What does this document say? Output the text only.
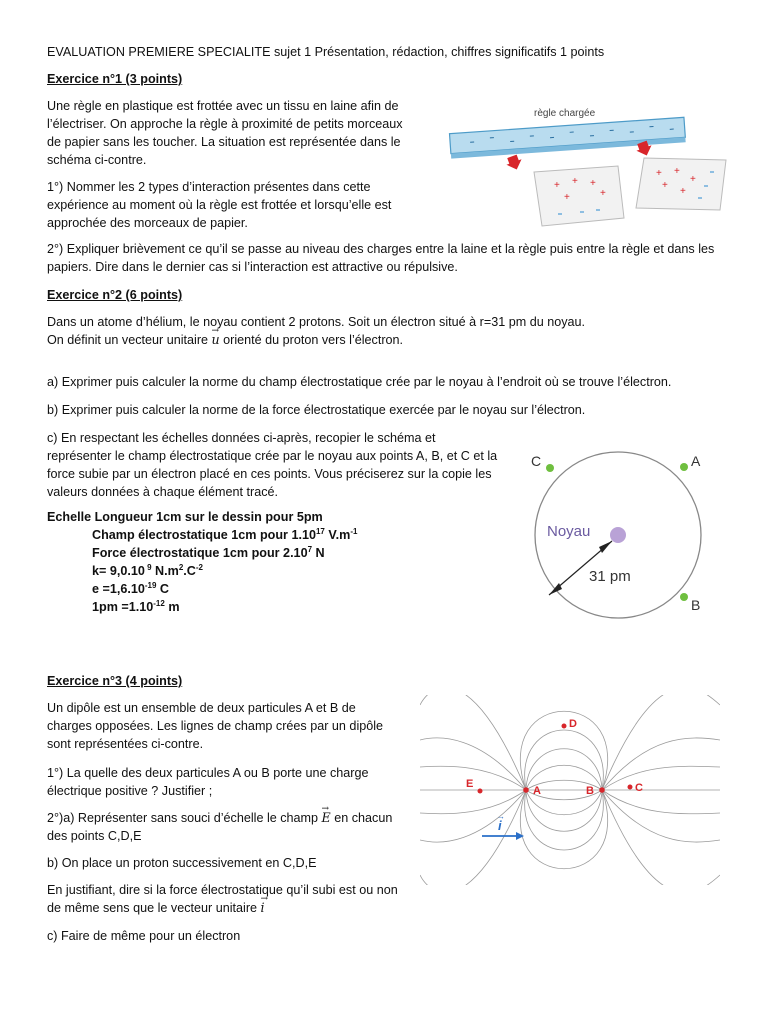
EVALUATION PREMIERE SPECIALITE sujet 1 Présentation, rédaction, chiffres significatifs 1 points
Exercice n°1 (3 points)
Une règle en plastique est frottée avec un tissu en laine afin de l’électriser. On approche la règle à proximité de petits morceaux de papier sans les toucher. La situation est représentée dans le schéma ci-contre.
1°) Nommer les 2 types d’interaction présentes dans cette expérience au moment où la règle est frottée et lorsqu’elle est approchée des morceaux de papier.
2°) Expliquer brièvement ce qu’il se passe au niveau des charges entre la laine et la règle puis entre la règle et dans les papiers. Dire dans le dernier cas si l’interaction est attractive ou répulsive.
règle chargée
+ + +
+	+
+ +
+
+
+
Exercice n°2 (6 points)
Dans un atome d’hélium, le noyau contient 2 protons. Soit un électron situé à r=31 pm du noyau.
On définit un vecteur unitaire → u orienté du proton vers l’électron.
a) Exprimer puis calculer la norme du champ électrostatique crée par le noyau à l’endroit où se trouve l’électron.
b) Exprimer puis calculer la norme de la force électrostatique exercée par le noyau sur l’électron.
c) En respectant les échelles données ci-après, recopier le schéma et représenter le champ électrostatique crée par le noyau aux points A, B, et C et la force subie par un électron placé en ces points. Vous préciserez sur la copie les valeurs données à chaque élément tracé.
Echelle Longueur 1cm sur le dessin pour 5pm
Champ électrostatique 1cm pour 1.10$^{17}$ $V.m^{-1}$
Force électrostatique 1cm pour 2.10$^7$ N
k= 9,0.10 $^9$ $N.m^2.C^{-2}$
$e =1,6.10^{-19}$ C
$1pm =1.10^{-12}$ m
Noyau
31 pm
C	A
B
Exercice n°3 (4 points)
Un dipôle est un ensemble de deux particules A et B de charges opposées. Les lignes de champ crées par un dipôle sont représentées ci-contre.
1°) La quelle des deux particules A ou B porte une charge électrique positive ? Justifier ;
2°)a) Représenter sans souci d’échelle le champ → E en chacun des points C,D,E
b) On place un proton successivement en C,D,E
En justifiant, dire si la force électrostatique qu’il subi est ou non de même sens que le vecteur unitaire → i
c) Faire de même pour un électron
A	B	C
D
E
i
→
